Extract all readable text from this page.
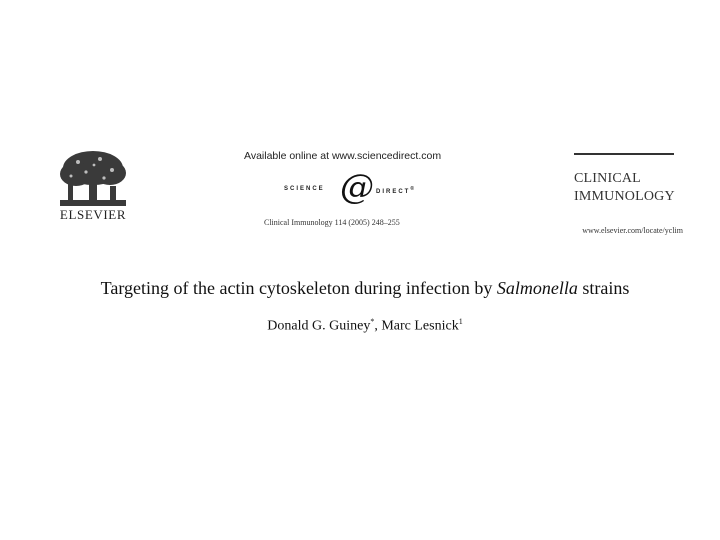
ELSEVIER
Available online at www.sciencedirect.com
SCIENCE @ DIRECT®
Clinical Immunology 114 (2005) 248–255
CLINICAL
IMMUNOLOGY
www.elsevier.com/locate/yclim
Targeting of the actin cytoskeleton during infection by Salmonella strains
Donald G. Guiney*, Marc Lesnick$^1$
